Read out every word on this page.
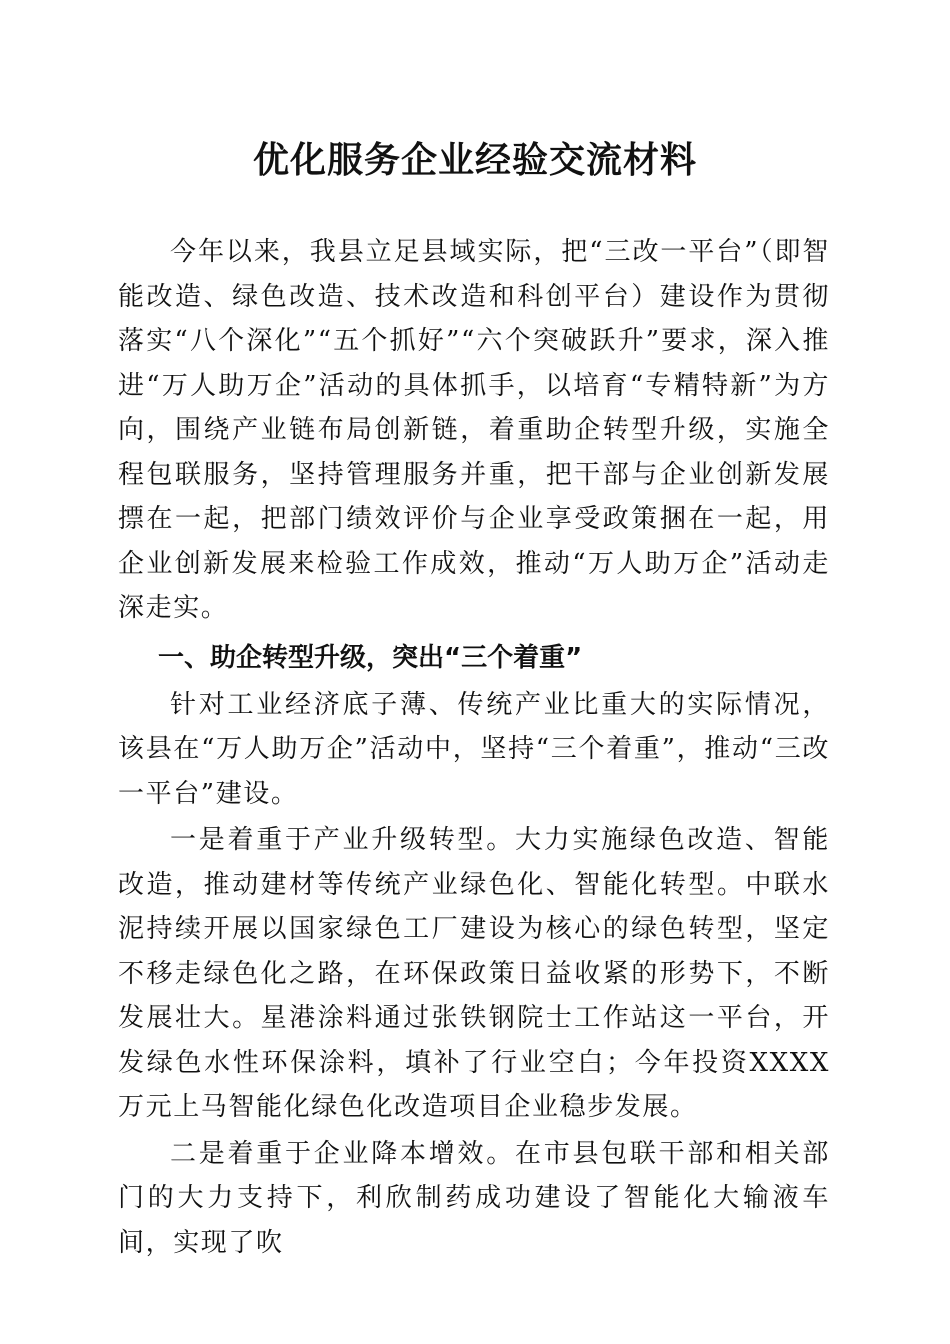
优化服务企业经验交流材料

今年以来，我县立足县域实际，把“三改一平台”（即智能改造、绿色改造、技术改造和科创平台）建设作为贯彻落实“八个深化”“五个抓好”“六个突破跃升”要求，深入推进“万人助万企”活动的具体抓手，以培育“专精特新”为方向，围绕产业链布局创新链，着重助企转型升级，实施全程包联服务，坚持管理服务并重，把干部与企业创新发展摽在一起，把部门绩效评价与企业享受政策捆在一起，用企业创新发展来检验工作成效，推动“万人助万企”活动走深走实。

一、助企转型升级，突出“三个着重”

针对工业经济底子薄、传统产业比重大的实际情况，该县在“万人助万企”活动中，坚持“三个着重”，推动“三改一平台”建设。

一是着重于产业升级转型。大力实施绿色改造、智能改造，推动建材等传统产业绿色化、智能化转型。中联水泥持续开展以国家绿色工厂建设为核心的绿色转型，坚定不移走绿色化之路，在环保政策日益收紧的形势下，不断发展壮大。星港涂料通过张铁钢院士工作站这一平台，开发绿色水性环保涂料，填补了行业空白；今年投资XXXX万元上马智能化绿色化改造项目企业稳步发展。

二是着重于企业降本增效。在市县包联干部和相关部门的大力支持下，利欣制药成功建设了智能化大输液车间，实现了吹
